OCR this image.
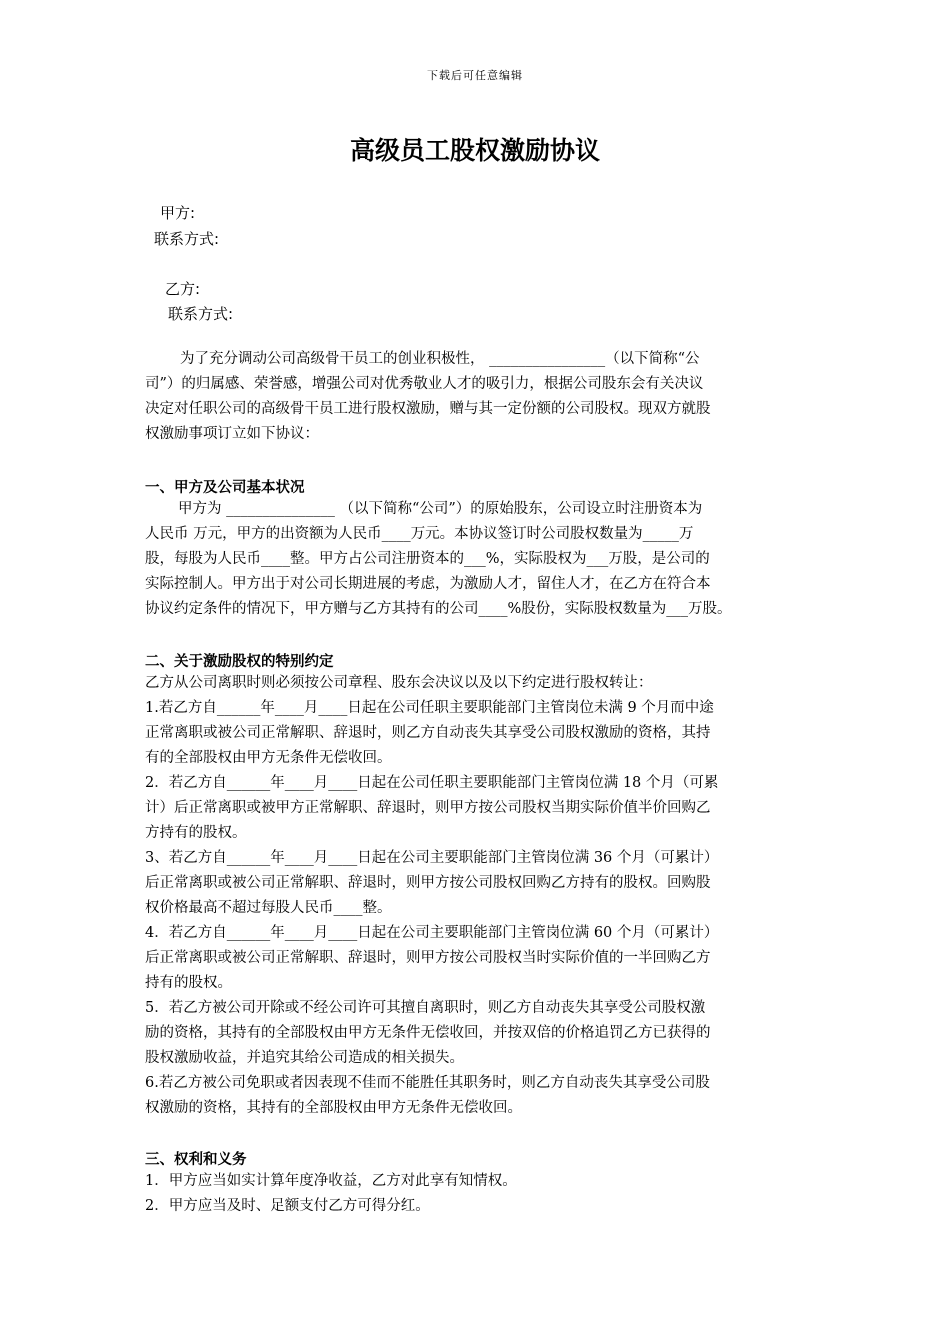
下载后可任意编辑
高级员工股权激励协议
甲方:
联系方式:
乙方:
联系方式:
为了充分调动公司高级骨干员工的创业积极性， ________________（以下简称“公
司”）的归属感、荣誉感，增强公司对优秀敬业人才的吸引力，根据公司股东会有关决议
决定对任职公司的高级骨干员工进行股权激励，赠与其一定份额的公司股权。现双方就股
权激励事项订立如下协议：
一、甲方及公司基本状况
甲方为 _______________ （以下简称“公司”）的原始股东，公司设立时注册资本为
人民币 万元，甲方的出资额为人民币____万元。本协议签订时公司股权数量为_____万
股，每股为人民币____整。甲方占公司注册资本的___%，实际股权为___万股，是公司的
实际控制人。甲方出于对公司长期进展的考虑，为激励人才，留住人才，在乙方在符合本
协议约定条件的情况下，甲方赠与乙方其持有的公司____%股份，实际股权数量为___万股。
二、关于激励股权的特别约定
乙方从公司离职时则必须按公司章程、股东会决议以及以下约定进行股权转让：
1.若乙方自______年____月____日起在公司任职主要职能部门主管岗位未满 9 个月而中途
正常离职或被公司正常解职、辞退时，则乙方自动丧失其享受公司股权激励的资格，其持
有的全部股权由甲方无条件无偿收回。
2．若乙方自______年____月____日起在公司任职主要职能部门主管岗位满 18 个月（可累
计）后正常离职或被甲方正常解职、辞退时，则甲方按公司股权当期实际价值半价回购乙
方持有的股权。
3、若乙方自______年____月____日起在公司主要职能部门主管岗位满 36 个月（可累计）
后正常离职或被公司正常解职、辞退时，则甲方按公司股权回购乙方持有的股权。回购股
权价格最高不超过每股人民币____整。
4．若乙方自______年____月____日起在公司主要职能部门主管岗位满 60 个月（可累计）
后正常离职或被公司正常解职、辞退时，则甲方按公司股权当时实际价值的一半回购乙方
持有的股权。
5．若乙方被公司开除或不经公司许可其擅自离职时，则乙方自动丧失其享受公司股权激
励的资格，其持有的全部股权由甲方无条件无偿收回，并按双倍的价格追罚乙方已获得的
股权激励收益，并追究其给公司造成的相关损失。
6.若乙方被公司免职或者因表现不佳而不能胜任其职务时，则乙方自动丧失其享受公司股
权激励的资格，其持有的全部股权由甲方无条件无偿收回。
三、权利和义务
1．甲方应当如实计算年度净收益，乙方对此享有知情权。
2．甲方应当及时、足额支付乙方可得分红。
